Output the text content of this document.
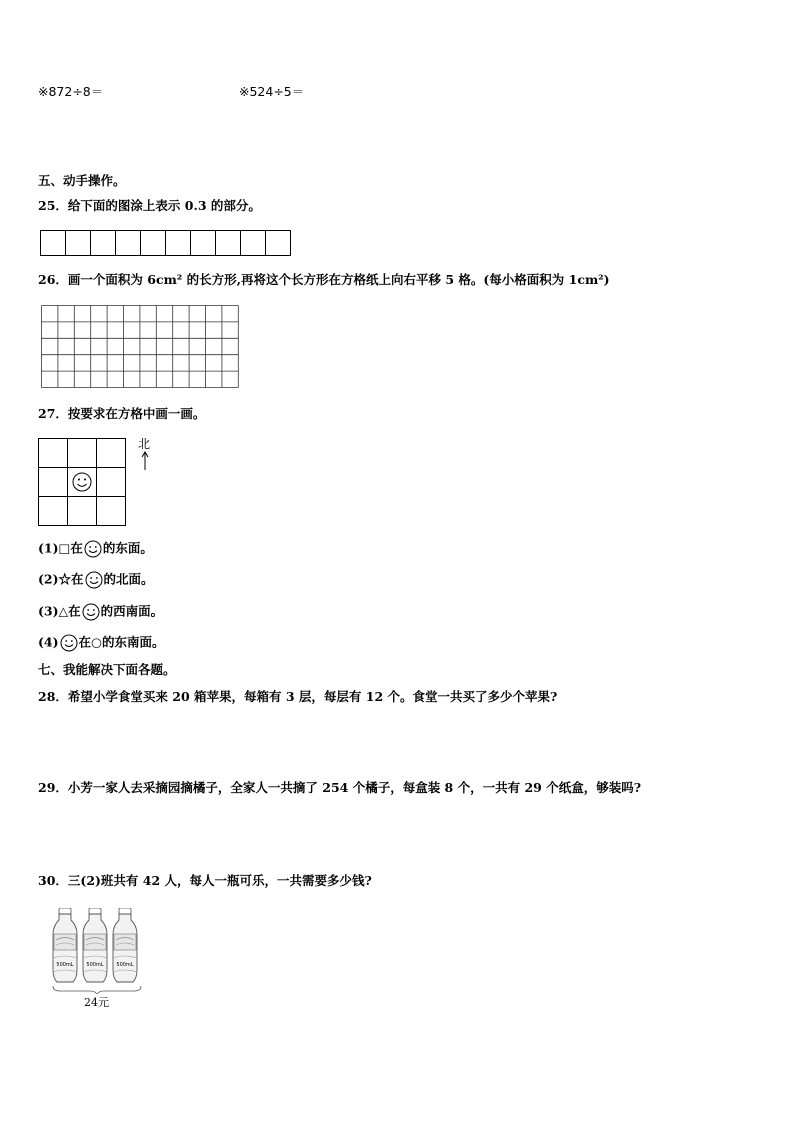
※872÷8＝	※524÷5＝
五、动手操作。
25．给下面的图涂上表示 0.3 的部分。
26．画一个面积为 6cm² 的长方形,再将这个长方形在方格纸上向右平移 5 格。(每小格面积为 1cm²)
27．按要求在方格中画一画。
北
(1)□在 的东面。
(2)☆在 的北面。
(3)△在 的西南面。
(4) 在○的东南面。
七、我能解决下面各题。
28．希望小学食堂买来 20 箱苹果，每箱有 3 层，每层有 12 个。食堂一共买了多少个苹果?
29．小芳一家人去采摘园摘橘子，全家人一共摘了 254 个橘子，每盒装 8 个，一共有 29 个纸盒，够装吗?
30．三(2)班共有 42 人，每人一瓶可乐，一共需要多少钱?
500mL	500mL	500mL
24元
